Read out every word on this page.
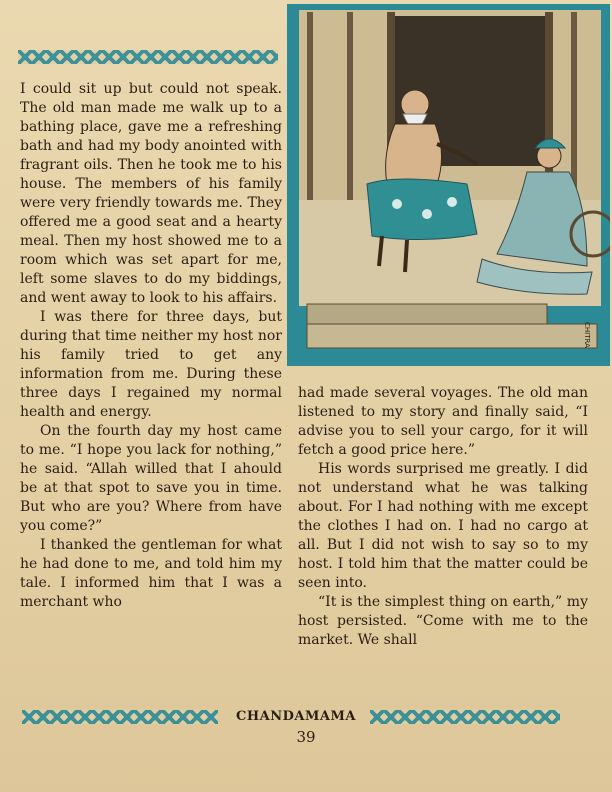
I could sit up but could not speak. The old man made me walk up to a bathing place, gave me a refreshing bath and had my body anointed with fragrant oils. Then he took me to his house. The members of his family were very friendly towards me. They offered me a good seat and a hearty meal. Then my host showed me to a room which was set apart for me, left some slaves to do my biddings, and went away to look to his affairs.

I was there for three days, but during that time neither my host nor his family tried to get any information from me. During these three days I regained my normal health and energy.

On the fourth day my host came to me. “I hope you lack for nothing,” he said. “Allah willed that I ahould be at that spot to save you in time. But who are you? Where from have you come?”

I thanked the gentleman for what he had done to me, and told him my tale. I informed him that I was a merchant who

CHITRA

had made several voyages. The old man listened to my story and finally said, “I advise you to sell your cargo, for it will fetch a good price here.”

His words surprised me greatly. I did not understand what he was talking about. For I had nothing with me except the clothes I had on. I had no cargo at all. But I did not wish to say so to my host. I told him that the matter could be seen into.

“It is the simplest thing on earth,” my host persisted. “Come with me to the market. We shall

CHANDAMAMA
39
